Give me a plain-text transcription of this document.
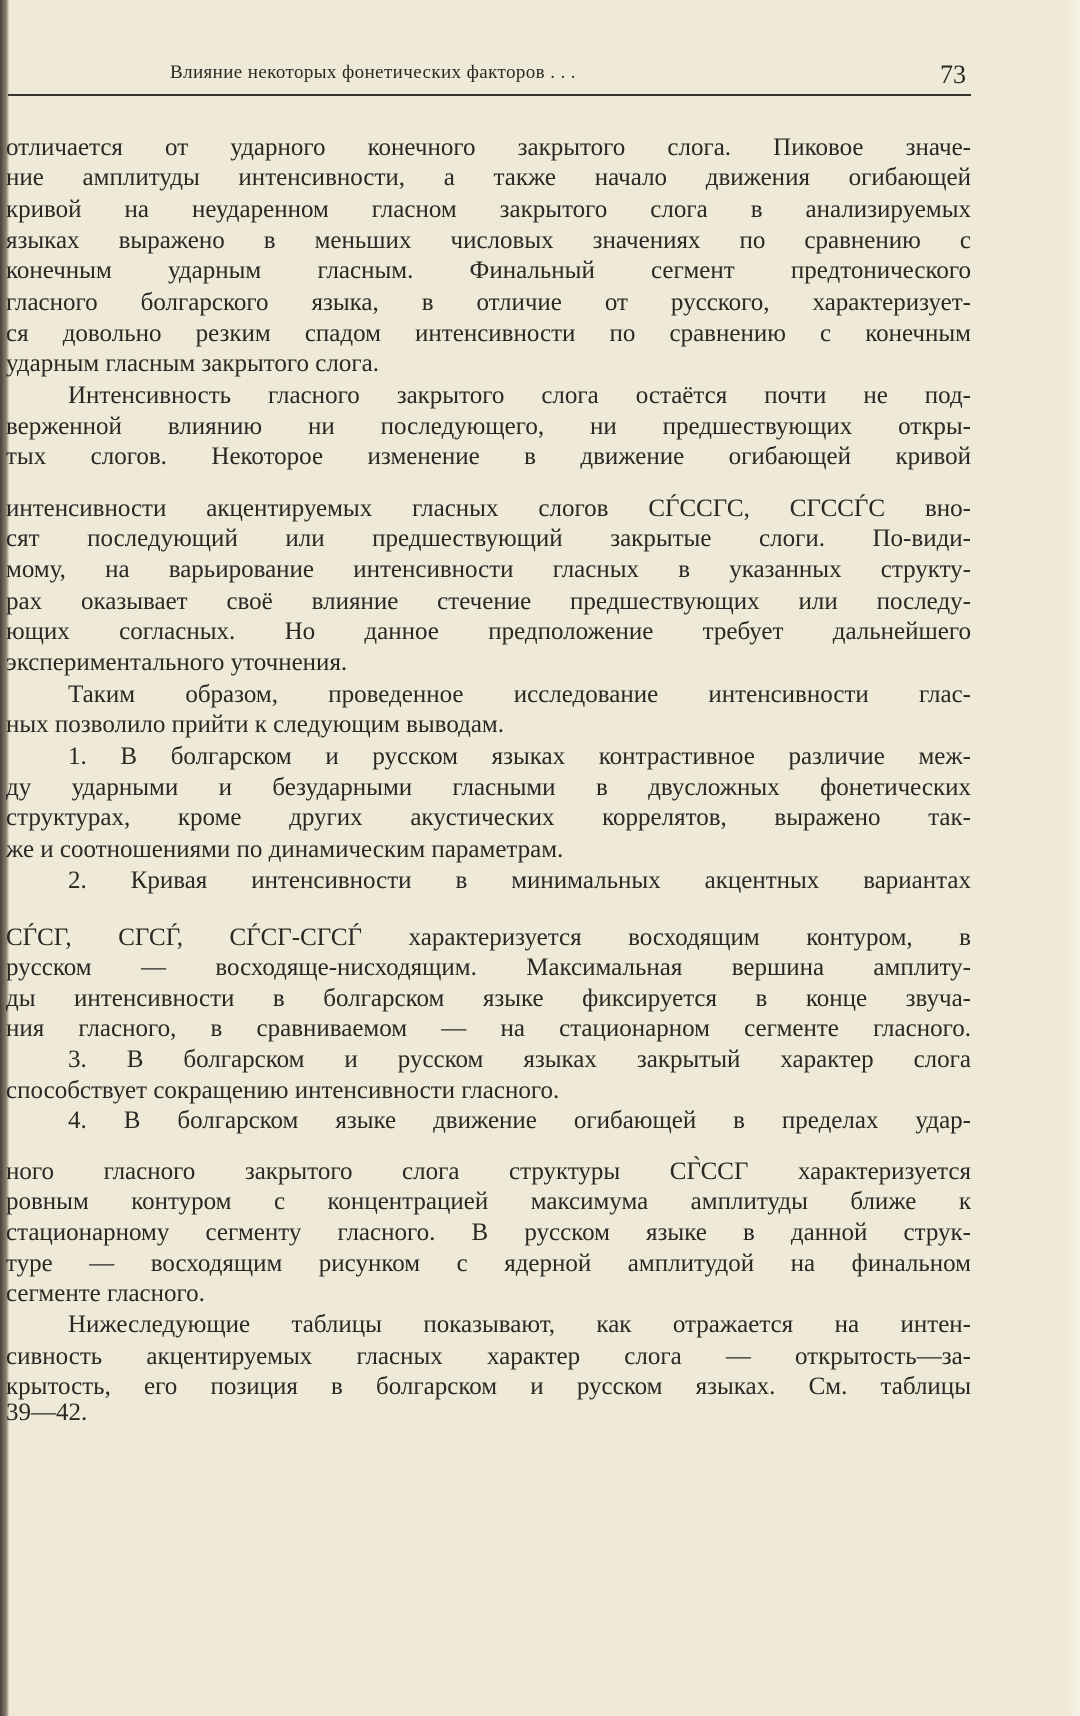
Влияние некоторых фонетических факторов . . .	73
отличается от ударного конечного закрытого слога. Пиковое значе-
ние амплитуды интенсивности, а также начало движения огибающей
кривой на неударенном гласном закрытого слога в анализируемых
языках выражено в меньших числовых значениях по сравнению с
конечным ударным гласным. Финальный сегмент предтонического
гласного болгарского языка, в отличие от русского, характеризует-
ся довольно резким спадом интенсивности по сравнению с конечным
ударным гласным закрытого слога.
Интенсивность гласного закрытого слога остаётся почти не под-
верженной влиянию ни последующего, ни предшествующих откры-
тых слогов. Некоторое изменение в движение огибающей кривой
интенсивности акцентируемых гласных слогов СЃССГС, СГССЃС вно-
сят последующий или предшествующий закрытые слоги. По-види-
мому, на варьирование интенсивности гласных в указанных структу-
рах оказывает своё влияние стечение предшествующих или последу-
ющих согласных. Но данное предположение требует дальнейшего
экспериментального уточнения.
Таким образом, проведенное исследование интенсивности глас-
ных позволило прийти к следующим выводам.
1. В болгарском и русском языках контрастивное различие меж-
ду ударными и безударными гласными в двусложных фонетических
структурах, кроме других акустических коррелятов, выражено так-
же и соотношениями по динамическим параметрам.
2. Кривая интенсивности в минимальных акцентных вариантах
СЃСГ, СГСЃ, СЃСГ-СГСЃ характеризуется восходящим контуром, в
русском — восходяще-нисходящим. Максимальная вершина амплиту-
ды интенсивности в болгарском языке фиксируется в конце звуча-
ния гласного, в сравниваемом — на стационарном сегменте гласного.
3. В болгарском и русском языках закрытый характер слога
способствует сокращению интенсивности гласного.
4. В болгарском языке движение огибающей в пределах удар-
ного гласного закрытого слога структуры СГ̀ССГ характеризуется
ровным контуром с концентрацией максимума амплитуды ближе к
стационарному сегменту гласного. В русском языке в данной струк-
туре — восходящим рисунком с ядерной амплитудой на финальном
сегменте гласного.
Нижеследующие таблицы показывают, как отражается на интен-
сивность акцентируемых гласных характер слога — открытость—за-
крытость, его позиция в болгарском и русском языках. См. таблицы
39—42.
